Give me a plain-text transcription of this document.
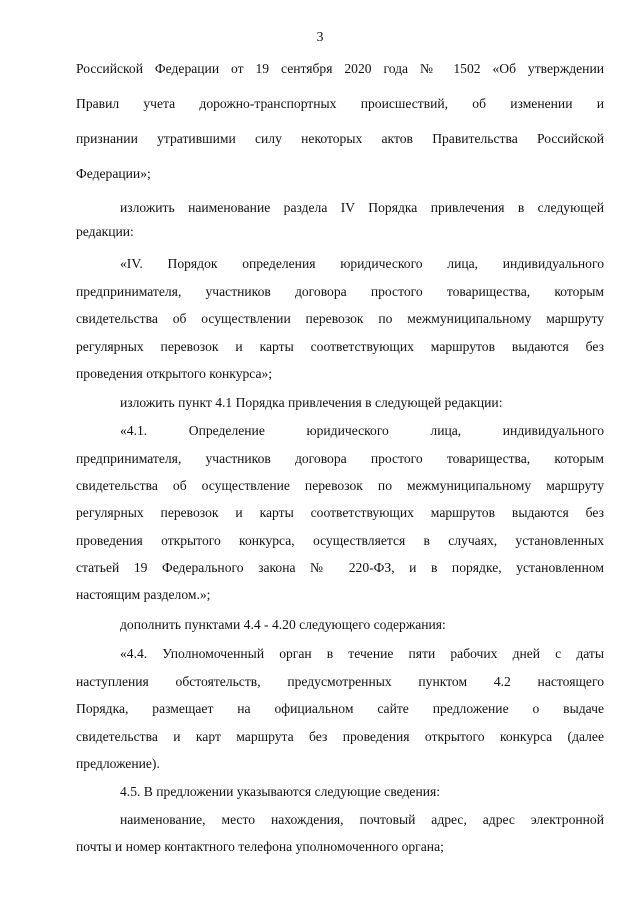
3
Российской Федерации от 19 сентября 2020 года № 1502 «Об утверждении
Правил учета дорожно-транспортных происшествий, об изменении и
признании утратившими силу некоторых актов Правительства Российской
Федерации»;
изложить наименование раздела IV Порядка привлечения в следующей
редакции:
«IV. Порядок определения юридического лица, индивидуального
предпринимателя, участников договора простого товарищества, которым
свидетельства об осуществлении перевозок по межмуниципальному маршруту
регулярных перевозок и карты соответствующих маршрутов выдаются без
проведения открытого конкурса»;
изложить пункт 4.1 Порядка привлечения в следующей редакции:
«4.1. Определение юридического лица, индивидуального
предпринимателя, участников договора простого товарищества, которым
свидетельства об осуществление перевозок по межмуниципальному маршруту
регулярных перевозок и карты соответствующих маршрутов выдаются без
проведения открытого конкурса, осуществляется в случаях, установленных
статьей 19 Федерального закона № 220-ФЗ, и в порядке, установленном
настоящим разделом.»;
дополнить пунктами 4.4 - 4.20 следующего содержания:
«4.4. Уполномоченный орган в течение пяти рабочих дней с даты
наступления обстоятельств, предусмотренных пунктом 4.2 настоящего
Порядка, размещает на официальном сайте предложение о выдаче
свидетельства и карт маршрута без проведения открытого конкурса (далее
предложение).
4.5. В предложении указываются следующие сведения:
наименование, место нахождения, почтовый адрес, адрес электронной
почты и номер контактного телефона уполномоченного органа;
